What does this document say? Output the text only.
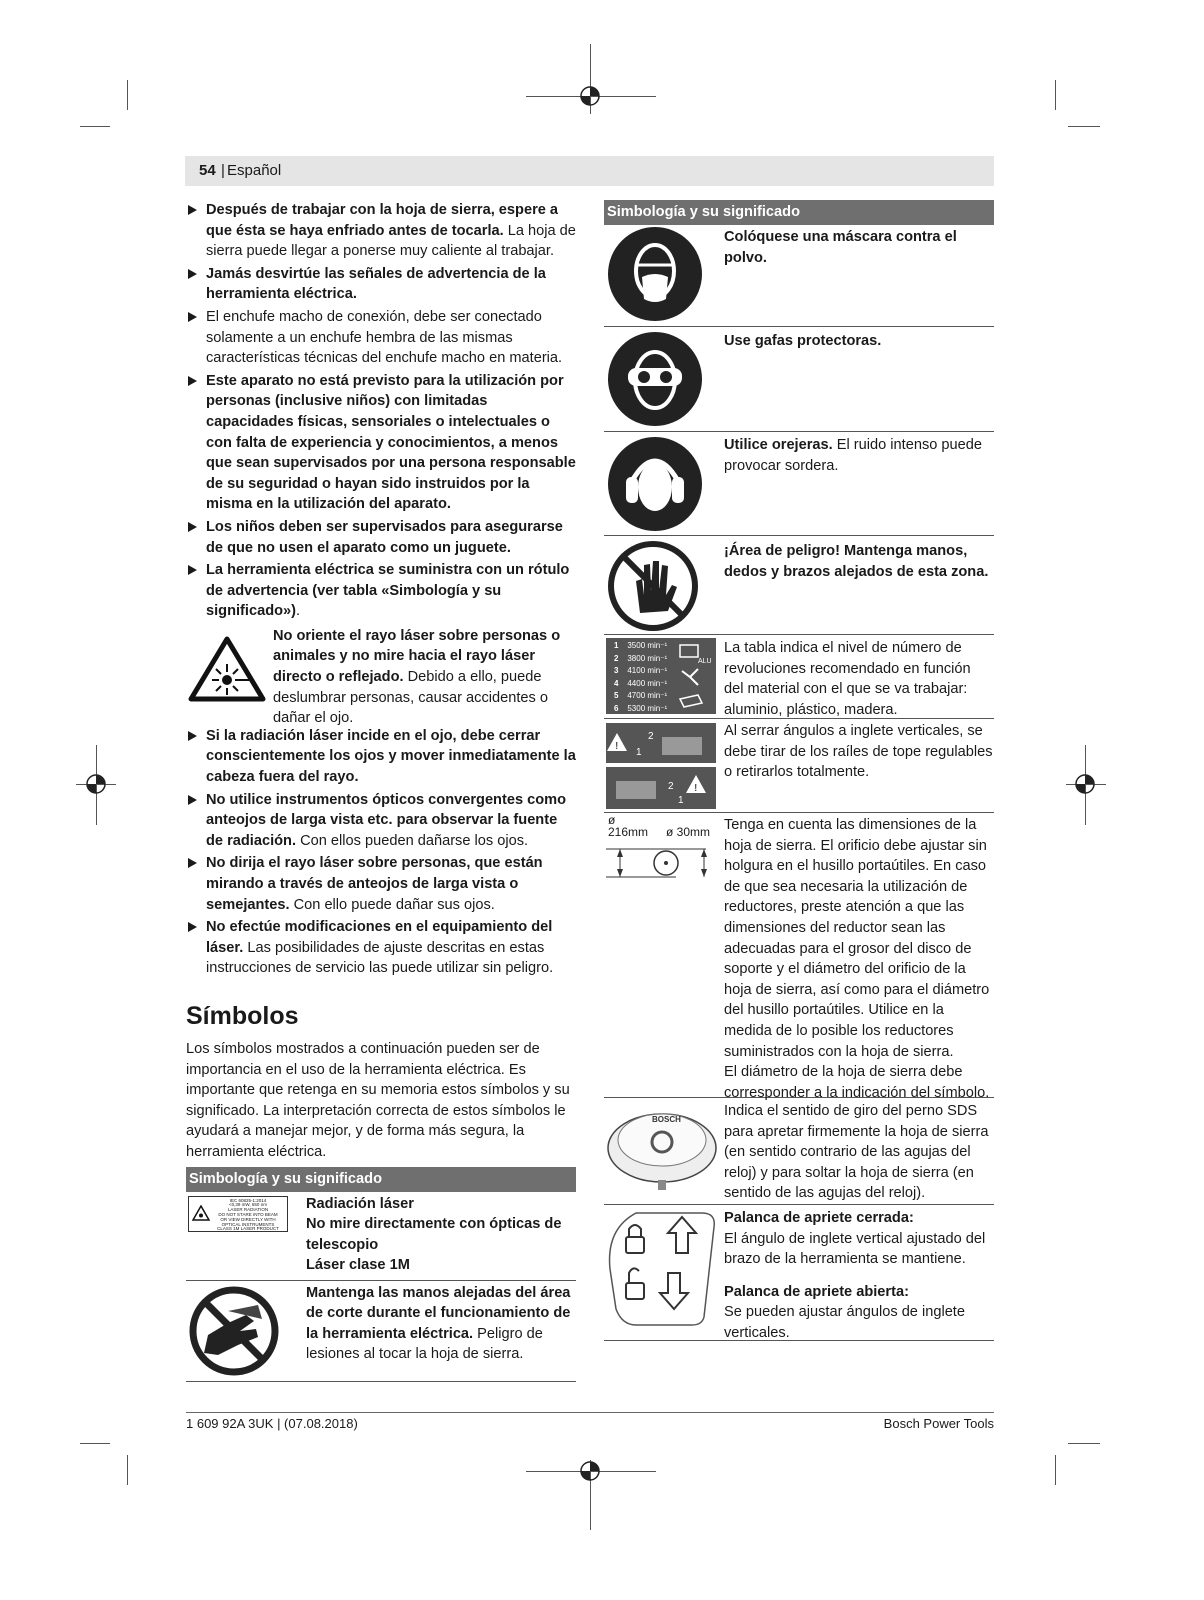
54 | Español
Después de trabajar con la hoja de sierra, espere a que ésta se haya enfriado antes de tocarla. La hoja de sierra puede llegar a ponerse muy caliente al trabajar.
Jamás desvirtúe las señales de advertencia de la herramienta eléctrica.
El enchufe macho de conexión, debe ser conectado solamente a un enchufe hembra de las mismas características técnicas del enchufe macho en materia.
Este aparato no está previsto para la utilización por personas (inclusive niños) con limitadas capacidades físicas, sensoriales o intelectuales o con falta de experiencia y conocimientos, a menos que sean supervisados por una persona responsable de su seguridad o hayan sido instruidos por la misma en la utilización del aparato.
Los niños deben ser supervisados para asegurarse de que no usen el aparato como un juguete.
La herramienta eléctrica se suministra con un rótulo de advertencia (ver tabla «Simbología y su significado»).
No oriente el rayo láser sobre personas o animales y no mire hacia el rayo láser directo o reflejado. Debido a ello, puede deslumbrar personas, causar accidentes o dañar el ojo.
Si la radiación láser incide en el ojo, debe cerrar conscientemente los ojos y mover inmediatamente la cabeza fuera del rayo.
No utilice instrumentos ópticos convergentes como anteojos de larga vista etc. para observar la fuente de radiación. Con ellos pueden dañarse los ojos.
No dirija el rayo láser sobre personas, que están mirando a través de anteojos de larga vista o semejantes. Con ello puede dañar sus ojos.
No efectúe modificaciones en el equipamiento del láser. Las posibilidades de ajuste descritas en estas instrucciones de servicio las puede utilizar sin peligro.
Símbolos
Los símbolos mostrados a continuación pueden ser de importancia en el uso de la herramienta eléctrica. Es importante que retenga en su memoria estos símbolos y su significado. La interpretación correcta de estos símbolos le ayudará a manejar mejor, y de forma más segura, la herramienta eléctrica.
Simbología y su significado
IEC 60825-1:2014
<0,39 mW, 650 nm
LASER RADIATION
DO NOT STARE INTO BEAM
OR VIEW DIRECTLY WITH
OPTICAL INSTRUMENTS
CLASS 1M LASER PRODUCT
Radiación láser
No mire directamente con ópticas de telescopio
Láser clase 1M
Mantenga las manos alejadas del área de corte durante el funcionamiento de la herramienta eléctrica. Peligro de lesiones al tocar la hoja de sierra.
Simbología y su significado
Colóquese una máscara contra el polvo.
Use gafas protectoras.
Utilice orejeras. El ruido intenso puede provocar sordera.
¡Área de peligro! Mantenga manos, dedos y brazos alejados de esta zona.
1 3500 min⁻¹
2 3800 min⁻¹
3 4100 min⁻¹
4 4400 min⁻¹
5 4700 min⁻¹
6 5300 min⁻¹
ALU
La tabla indica el nivel de número de revoluciones recomendado en función del material con el que se va trabajar: aluminio, plástico, madera.
!
!
2
1
2
1
Al serrar ángulos a inglete verticales, se debe tirar de los raíles de tope regulables o retirarlos totalmente.
ø
216mm ø 30mm Tenga en cuenta las dimensiones de la hoja de sierra. El orificio debe ajustar sin holgura en el husillo portaútiles. En caso de que sea necesaria la utilización de reductores, preste atención a que las dimensiones del reductor sean las adecuadas para el grosor del disco de soporte y el diámetro del orificio de la hoja de sierra, así como para el diámetro del husillo portaútiles. Utilice en la medida de lo posible los reductores suministrados con la hoja de sierra.
El diámetro de la hoja de sierra debe corresponder a la indicación del símbolo.
BOSCH
Indica el sentido de giro del perno SDS para apretar firmemente la hoja de sierra (en sentido contrario de las agujas del reloj) y para soltar la hoja de sierra (en sentido de las agujas del reloj).
Palanca de apriete cerrada:
El ángulo de inglete vertical ajustado del brazo de la herramienta se mantiene.
Palanca de apriete abierta:
Se pueden ajustar ángulos de inglete verticales.
1 609 92A 3UK | (07.08.2018)	Bosch Power Tools
